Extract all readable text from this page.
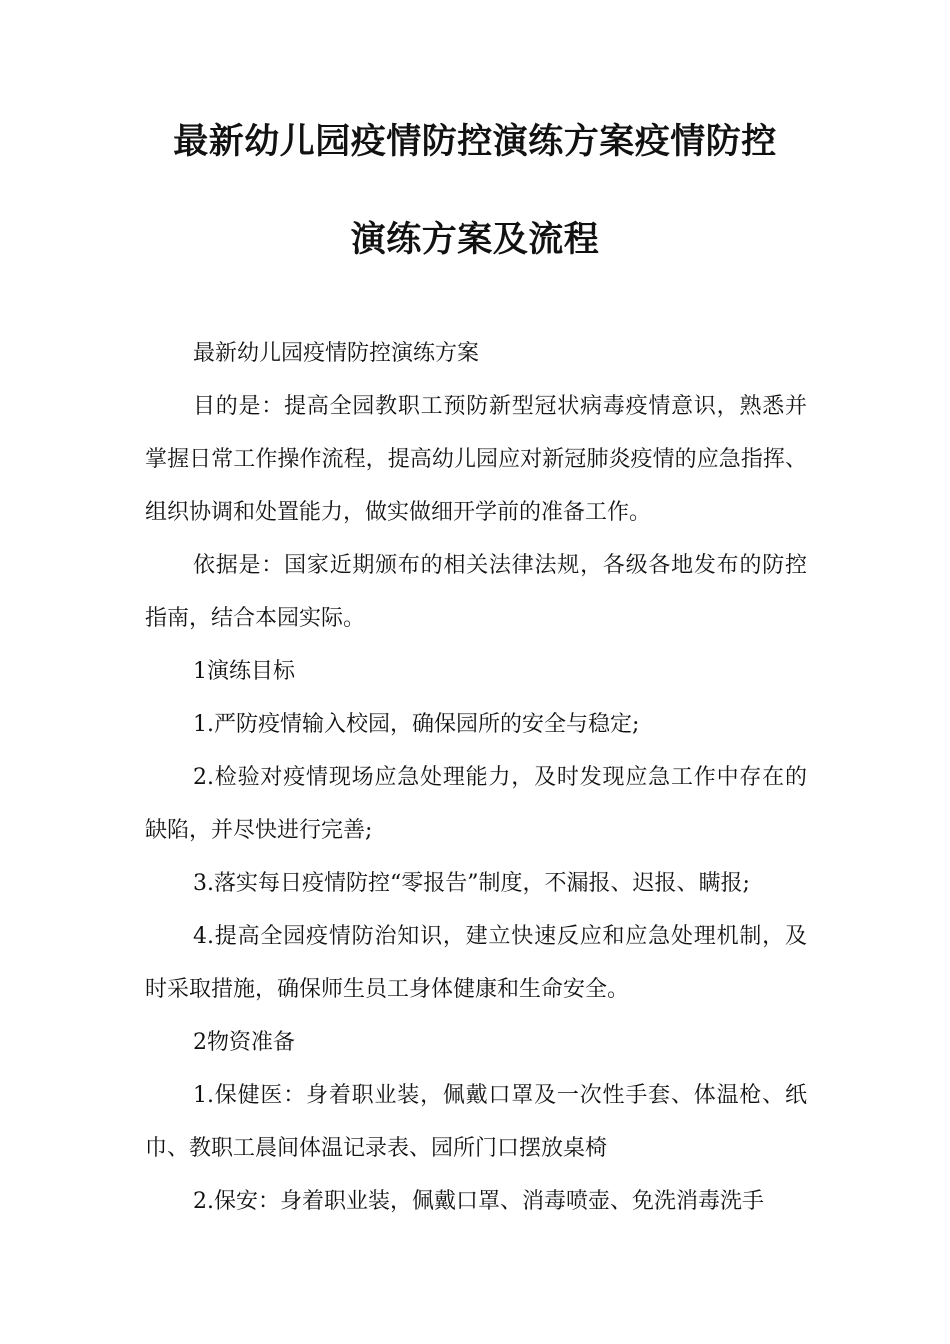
最新幼儿园疫情防控演练方案疫情防控
演练方案及流程

最新幼儿园疫情防控演练方案

目的是：提高全园教职工预防新型冠状病毒疫情意识，熟悉并掌握日常工作操作流程，提高幼儿园应对新冠肺炎疫情的应急指挥、组织协调和处置能力，做实做细开学前的准备工作。

依据是：国家近期颁布的相关法律法规，各级各地发布的防控指南，结合本园实际。

1演练目标

1.严防疫情输入校园，确保园所的安全与稳定;

2.检验对疫情现场应急处理能力，及时发现应急工作中存在的缺陷，并尽快进行完善;

3.落实每日疫情防控“零报告”制度，不漏报、迟报、瞒报;

4.提高全园疫情防治知识，建立快速反应和应急处理机制，及时采取措施，确保师生员工身体健康和生命安全。

2物资准备

1.保健医：身着职业装，佩戴口罩及一次性手套、体温枪、纸巾、教职工晨间体温记录表、园所门口摆放桌椅

2.保安：身着职业装，佩戴口罩、消毒喷壶、免洗消毒洗手
